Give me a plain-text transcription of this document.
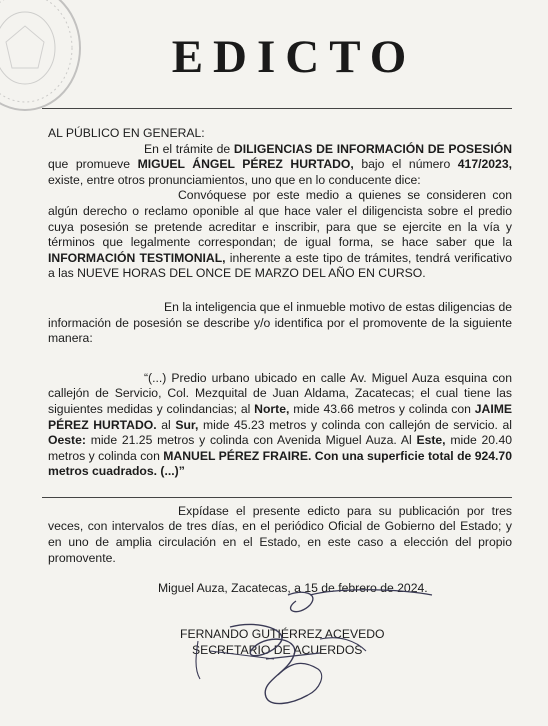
EDICTO

AL PÚBLICO EN GENERAL:

En el trámite de DILIGENCIAS DE INFORMACIÓN DE POSESIÓN que promueve MIGUEL ÁNGEL PÉREZ HURTADO, bajo el número 417/2023, existe, entre otros pronunciamientos, uno que en lo conducente dice:

Convóquese por este medio a quienes se consideren con algún derecho o reclamo oponible al que hace valer el diligencista sobre el predio cuya posesión se pretende acreditar e inscribir, para que se ejercite en la vía y términos que legalmente correspondan; de igual forma, se hace saber que la INFORMACIÓN TESTIMONIAL, inherente a este tipo de trámites, tendrá verificativo a las NUEVE HORAS DEL ONCE DE MARZO DEL AÑO EN CURSO.

En la inteligencia que el inmueble motivo de estas diligencias de información de posesión se describe y/o identifica por el promovente de la siguiente manera:

“(...) Predio urbano ubicado en calle Av. Miguel Auza esquina con callejón de Servicio, Col. Mezquital de Juan Aldama, Zacatecas; el cual tiene las siguientes medidas y colindancias; al Norte, mide 43.66 metros y colinda con JAIME PÉREZ HURTADO. al Sur, mide 45.23 metros y colinda con callejón de servicio. al Oeste: mide 21.25 metros y colinda con Avenida Miguel Auza. Al Este, mide 20.40 metros y colinda con MANUEL PÉREZ FRAIRE. Con una superficie total de 924.70 metros cuadrados. (...)”

Expídase el presente edicto para su publicación por tres veces, con intervalos de tres días, en el periódico Oficial de Gobierno del Estado; y en uno de amplia circulación en el Estado, en este caso a elección del propio promovente.

Miguel Auza, Zacatecas, a 15 de febrero de 2024.
FERNANDO GUTIÉRREZ ACEVEDO
SECRETARIO DE ACUERDOS
